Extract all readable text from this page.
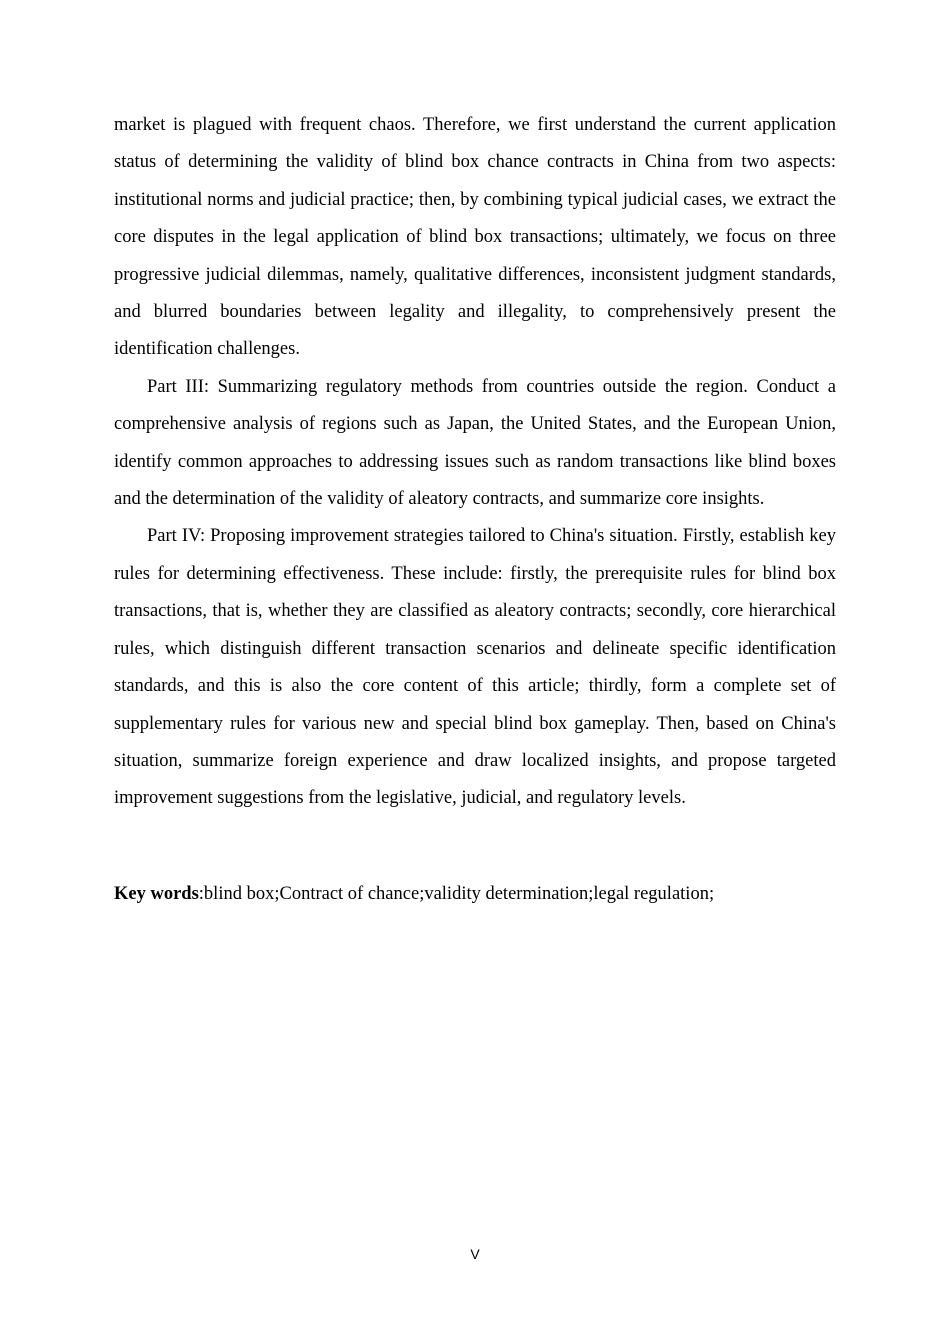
market is plagued with frequent chaos. Therefore, we first understand the current application status of determining the validity of blind box chance contracts in China from two aspects: institutional norms and judicial practice; then, by combining typical judicial cases, we extract the core disputes in the legal application of blind box transactions; ultimately, we focus on three progressive judicial dilemmas, namely, qualitative differences, inconsistent judgment standards, and blurred boundaries between legality and illegality, to comprehensively present the identification challenges.

Part III: Summarizing regulatory methods from countries outside the region. Conduct a comprehensive analysis of regions such as Japan, the United States, and the European Union, identify common approaches to addressing issues such as random transactions like blind boxes and the determination of the validity of aleatory contracts, and summarize core insights.

Part IV: Proposing improvement strategies tailored to China's situation. Firstly, establish key rules for determining effectiveness. These include: firstly, the prerequisite rules for blind box transactions, that is, whether they are classified as aleatory contracts; secondly, core hierarchical rules, which distinguish different transaction scenarios and delineate specific identification standards, and this is also the core content of this article; thirdly, form a complete set of supplementary rules for various new and special blind box gameplay. Then, based on China's situation, summarize foreign experience and draw localized insights, and propose targeted improvement suggestions from the legislative, judicial, and regulatory levels.

Key words:blind box;Contract of chance;validity determination;legal regulation;
V
